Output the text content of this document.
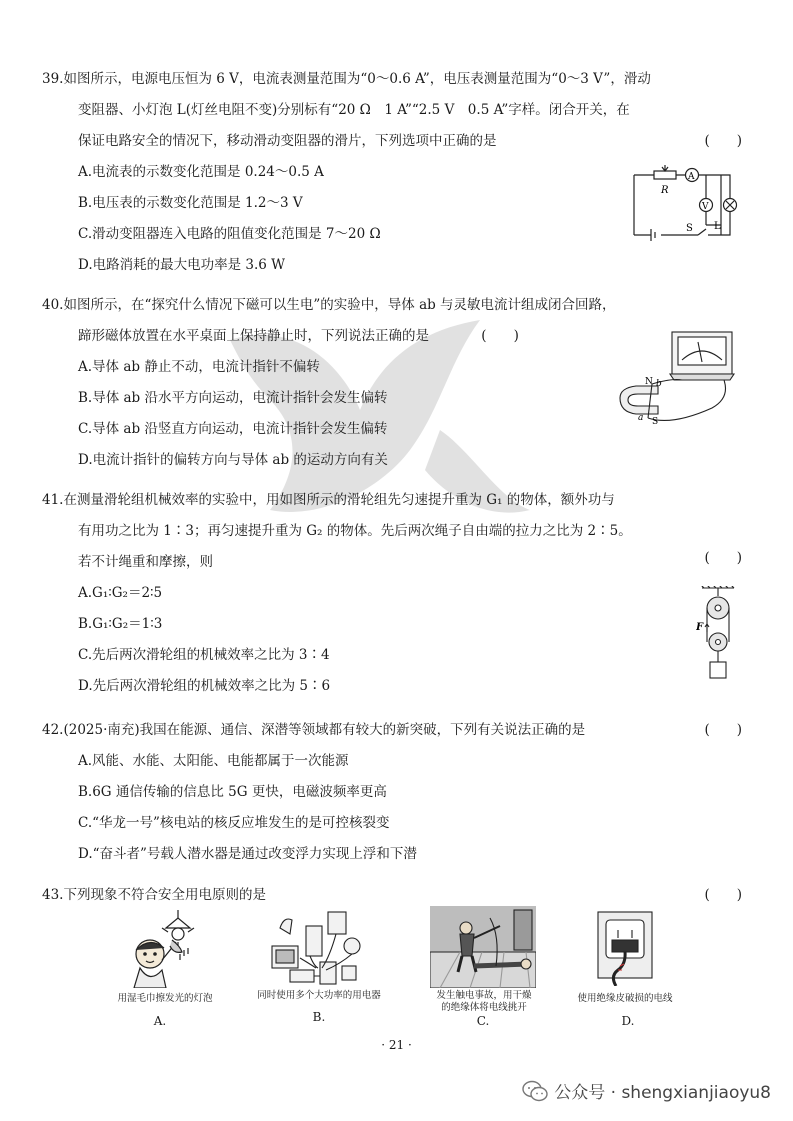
39.如图所示，电源电压恒为 6 V，电流表测量范围为“0～0.6 A”，电压表测量范围为“0～3 V”，滑动

变阻器、小灯泡 L(灯丝电阻不变)分别标有“20 Ω　1 A”“2.5 V　0.5 A”字样。闭合开关，在

保证电路安全的情况下，移动滑动变阻器的滑片，下列选项中正确的是	(　　)

A.电流表的示数变化范围是 0.24～0.5 A

B.电压表的示数变化范围是 1.2～3 V

C.滑动变阻器连入电路的阻值变化范围是 7～20 Ω

D.电路消耗的最大电功率是 3.6 W

R
A
V
S L

40.如图所示，在“探究什么情况下磁可以生电”的实验中，导体 ab 与灵敏电流计组成闭合回路，

蹄形磁体放置在水平桌面上保持静止时，下列说法正确的是	(　　)

A.导体 ab 静止不动，电流计指针不偏转

B.导体 ab 沿水平方向运动，电流计指针会发生偏转

C.导体 ab 沿竖直方向运动，电流计指针会发生偏转

D.电流计指针的偏转方向与导体 ab 的运动方向有关

N
S
a
b

41.在测量滑轮组机械效率的实验中，用如图所示的滑轮组先匀速提升重为 G₁ 的物体，额外功与

有用功之比为 1∶3；再匀速提升重为 G₂ 的物体。先后两次绳子自由端的拉力之比为 2∶5。

若不计绳重和摩擦，则	(　　)

A.G₁∶G₂＝2∶5

B.G₁∶G₂＝1∶3

C.先后两次滑轮组的机械效率之比为 3∶4

D.先后两次滑轮组的机械效率之比为 5∶6

F

42.(2025·南充)我国在能源、通信、深潜等领域都有较大的新突破，下列有关说法正确的是	(　　)

A.风能、水能、太阳能、电能都属于一次能源

B.6G 通信传输的信息比 5G 更快，电磁波频率更高

C.“华龙一号”核电站的核反应堆发生的是可控核裂变

D.“奋斗者”号载人潜水器是通过改变浮力实现上浮和下潜

43.下列现象不符合安全用电原则的是	(　　)

用湿毛巾擦发光的灯泡
A.
同时使用多个大功率的用电器
B.
发生触电事故，用干燥
的绝缘体将电线挑开
C.
使用绝缘皮破损的电线
D.
· 21 ·
公众号 · shengxianjiaoyu8
